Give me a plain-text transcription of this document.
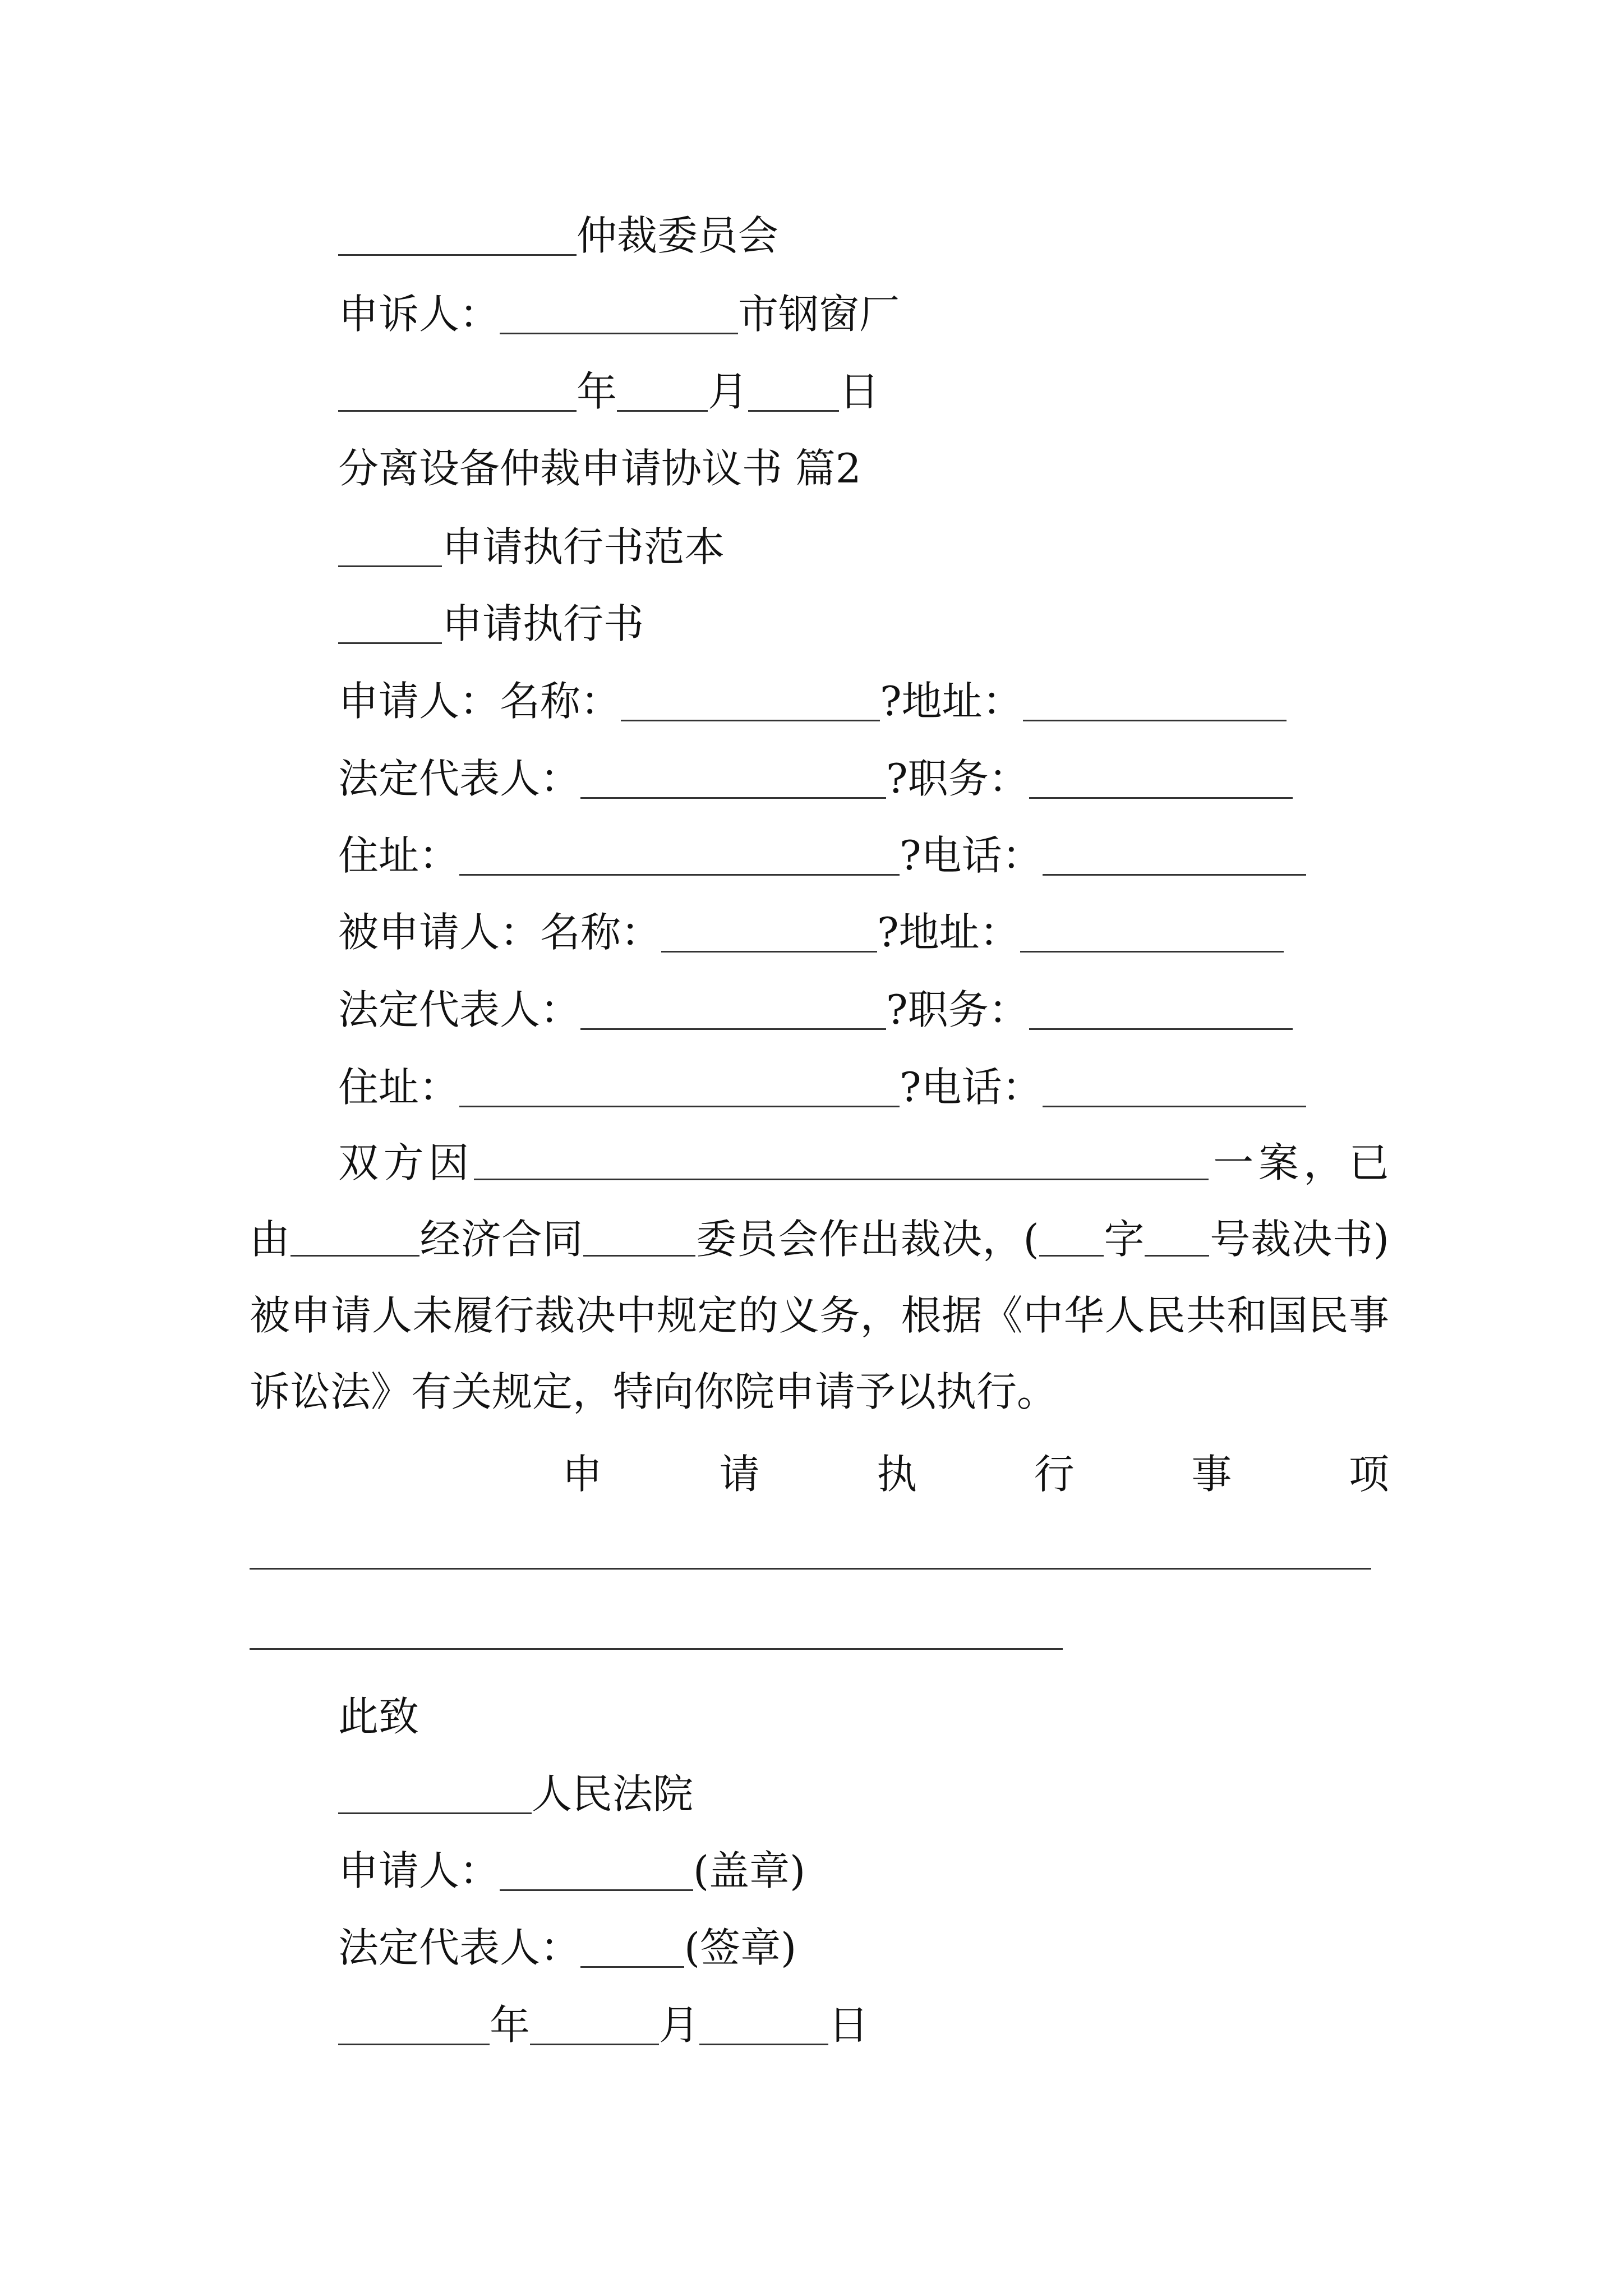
仲裁委员会
申诉人：	市钢窗厂
年 月 日
分离设备仲裁申请协议书 篇2
申请执行书范本
申请执行书
申请人：名称：	?地址：
法定代表人：	?职务：
住址：	?电话：
被申请人：名称：	?地址：
法定代表人：	?职务：
住址：	?电话：
双方因	一案，已由	经济合同	委员会作出裁决，( 字 号裁决书)被申请人未履行裁决中规定的义务，根据《中华人民共和国民事诉讼法》有关规定，特向你院申请予以执行。
申	请	执	行	事	项
此致
人民法院
申请人：	(盖章)
法定代表人：	(签章)
年	月	日
